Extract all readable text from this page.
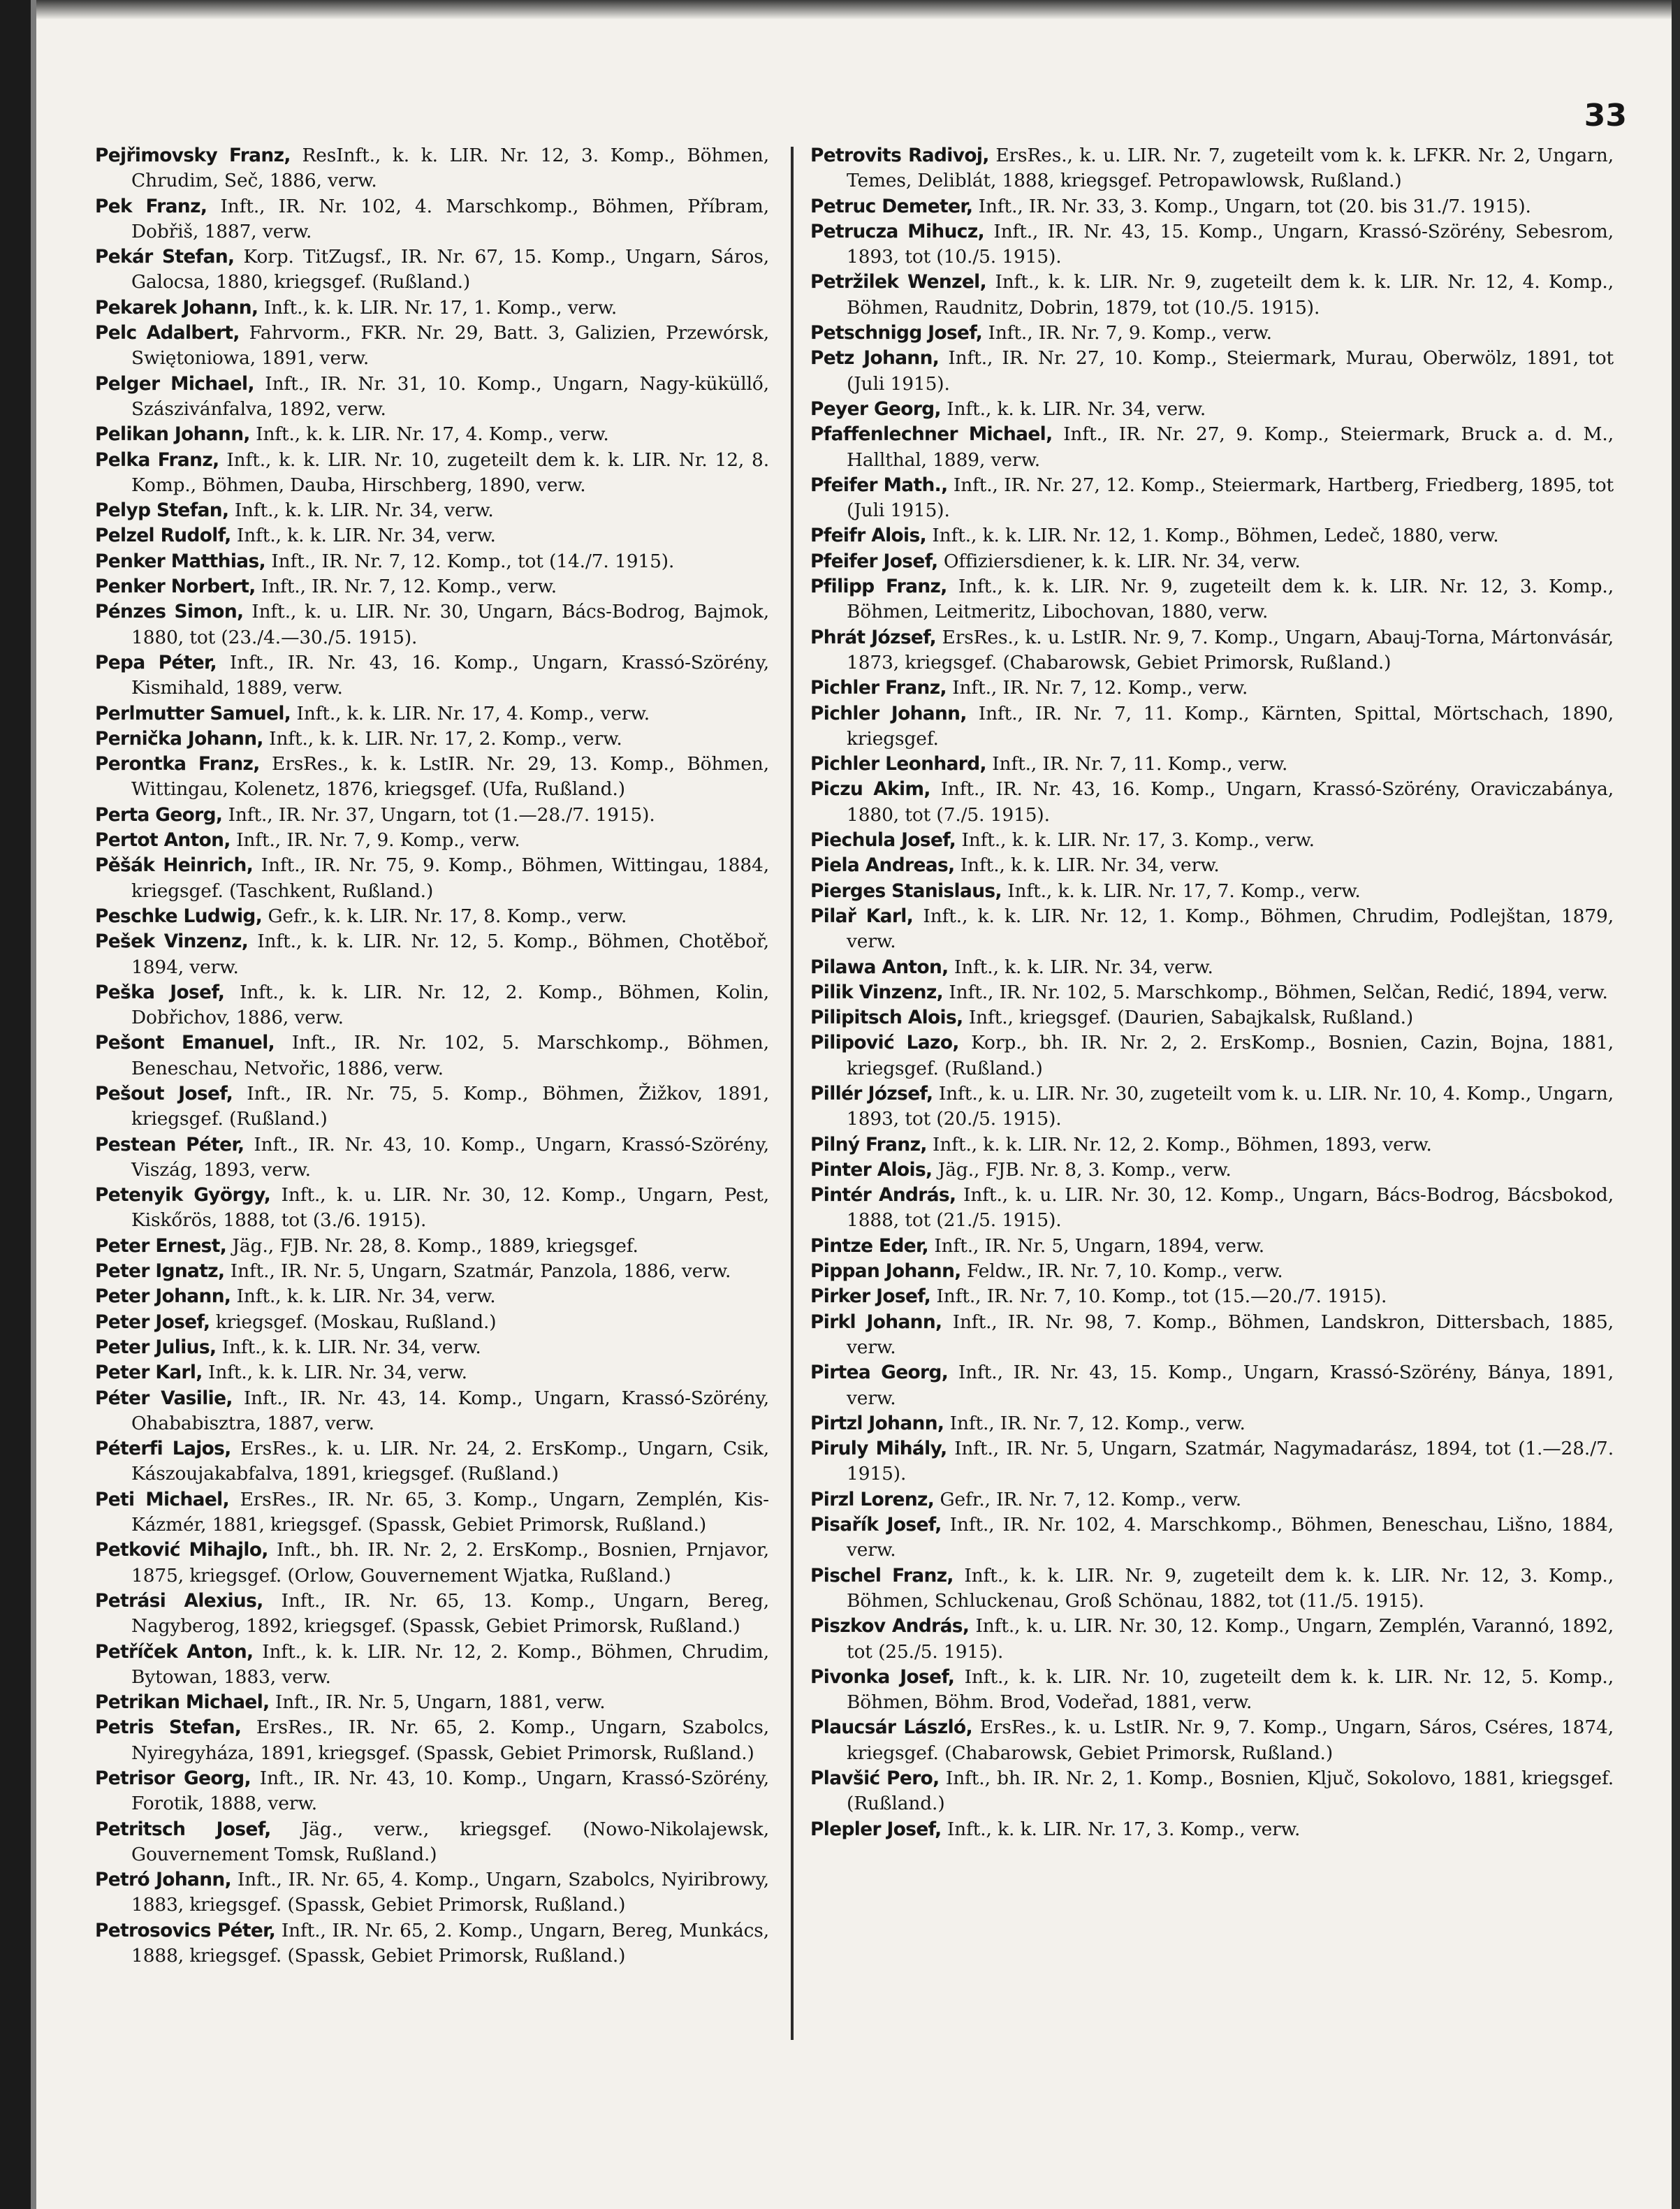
33

Pejřimovsky Franz, ResInft., k. k. LIR. Nr. 12, 3. Komp., Böhmen, Chrudim, Seč, 1886, verw.

Pek Franz, Inft., IR. Nr. 102, 4. Marschkomp., Böhmen, Příbram, Dobřiš, 1887, verw.

Pekár Stefan, Korp. TitZugsf., IR. Nr. 67, 15. Komp., Ungarn, Sáros, Galocsa, 1880, kriegsgef. (Rußland.)

Pekarek Johann, Inft., k. k. LIR. Nr. 17, 1. Komp., verw.

Pelc Adalbert, Fahrvorm., FKR. Nr. 29, Batt. 3, Galizien, Przewórsk, Swiętoniowa, 1891, verw.

Pelger Michael, Inft., IR. Nr. 31, 10. Komp., Ungarn, Nagy-küküllő, Szászivánfalva, 1892, verw.

Pelikan Johann, Inft., k. k. LIR. Nr. 17, 4. Komp., verw.

Pelka Franz, Inft., k. k. LIR. Nr. 10, zugeteilt dem k. k. LIR. Nr. 12, 8. Komp., Böhmen, Dauba, Hirschberg, 1890, verw.

Pelyp Stefan, Inft., k. k. LIR. Nr. 34, verw.

Pelzel Rudolf, Inft., k. k. LIR. Nr. 34, verw.

Penker Matthias, Inft., IR. Nr. 7, 12. Komp., tot (14./7. 1915).

Penker Norbert, Inft., IR. Nr. 7, 12. Komp., verw.

Pénzes Simon, Inft., k. u. LIR. Nr. 30, Ungarn, Bács-Bodrog, Bajmok, 1880, tot (23./4.—30./5. 1915).

Pepa Péter, Inft., IR. Nr. 43, 16. Komp., Ungarn, Krassó-Szörény, Kismihald, 1889, verw.

Perlmutter Samuel, Inft., k. k. LIR. Nr. 17, 4. Komp., verw.

Pernička Johann, Inft., k. k. LIR. Nr. 17, 2. Komp., verw.

Perontka Franz, ErsRes., k. k. LstIR. Nr. 29, 13. Komp., Böhmen, Wittingau, Kolenetz, 1876, kriegsgef. (Ufa, Rußland.)

Perta Georg, Inft., IR. Nr. 37, Ungarn, tot (1.—28./7. 1915).

Pertot Anton, Inft., IR. Nr. 7, 9. Komp., verw.

Pěšák Heinrich, Inft., IR. Nr. 75, 9. Komp., Böhmen, Wittingau, 1884, kriegsgef. (Taschkent, Rußland.)

Peschke Ludwig, Gefr., k. k. LIR. Nr. 17, 8. Komp., verw.

Pešek Vinzenz, Inft., k. k. LIR. Nr. 12, 5. Komp., Böhmen, Chotěboř, 1894, verw.

Peška Josef, Inft., k. k. LIR. Nr. 12, 2. Komp., Böhmen, Kolin, Dobřichov, 1886, verw.

Pešont Emanuel, Inft., IR. Nr. 102, 5. Marschkomp., Böhmen, Beneschau, Netvořic, 1886, verw.

Pešout Josef, Inft., IR. Nr. 75, 5. Komp., Böhmen, Žižkov, 1891, kriegsgef. (Rußland.)

Pestean Péter, Inft., IR. Nr. 43, 10. Komp., Ungarn, Krassó-Szörény, Viszág, 1893, verw.

Petenyik György, Inft., k. u. LIR. Nr. 30, 12. Komp., Ungarn, Pest, Kiskőrös, 1888, tot (3./6. 1915).

Peter Ernest, Jäg., FJB. Nr. 28, 8. Komp., 1889, kriegsgef.

Peter Ignatz, Inft., IR. Nr. 5, Ungarn, Szatmár, Panzola, 1886, verw.

Peter Johann, Inft., k. k. LIR. Nr. 34, verw.

Peter Josef, kriegsgef. (Moskau, Rußland.)

Peter Julius, Inft., k. k. LIR. Nr. 34, verw.

Peter Karl, Inft., k. k. LIR. Nr. 34, verw.

Péter Vasilie, Inft., IR. Nr. 43, 14. Komp., Ungarn, Krassó-Szörény, Ohababisztra, 1887, verw.

Péterfi Lajos, ErsRes., k. u. LIR. Nr. 24, 2. ErsKomp., Ungarn, Csik, Kászoujakabfalva, 1891, kriegsgef. (Rußland.)

Peti Michael, ErsRes., IR. Nr. 65, 3. Komp., Ungarn, Zemplén, Kis-Kázmér, 1881, kriegsgef. (Spassk, Gebiet Primorsk, Rußland.)

Petković Mihajlo, Inft., bh. IR. Nr. 2, 2. ErsKomp., Bosnien, Prnjavor, 1875, kriegsgef. (Orlow, Gouvernement Wjatka, Rußland.)

Petrási Alexius, Inft., IR. Nr. 65, 13. Komp., Ungarn, Bereg, Nagyberog, 1892, kriegsgef. (Spassk, Gebiet Primorsk, Rußland.)

Petříček Anton, Inft., k. k. LIR. Nr. 12, 2. Komp., Böhmen, Chrudim, Bytowan, 1883, verw.

Petrikan Michael, Inft., IR. Nr. 5, Ungarn, 1881, verw.

Petris Stefan, ErsRes., IR. Nr. 65, 2. Komp., Ungarn, Szabolcs, Nyiregyháza, 1891, kriegsgef. (Spassk, Gebiet Primorsk, Rußland.)

Petrisor Georg, Inft., IR. Nr. 43, 10. Komp., Ungarn, Krassó-Szörény, Forotik, 1888, verw.

Petritsch Josef, Jäg., verw., kriegsgef. (Nowo-Nikolajewsk, Gouvernement Tomsk, Rußland.)

Petró Johann, Inft., IR. Nr. 65, 4. Komp., Ungarn, Szabolcs, Nyiribrowy, 1883, kriegsgef. (Spassk, Gebiet Primorsk, Rußland.)

Petrosovics Péter, Inft., IR. Nr. 65, 2. Komp., Ungarn, Bereg, Munkács, 1888, kriegsgef. (Spassk, Gebiet Primorsk, Rußland.)

Petrovits Radivoj, ErsRes., k. u. LIR. Nr. 7, zugeteilt vom k. k. LFKR. Nr. 2, Ungarn, Temes, Deliblát, 1888, kriegsgef. Petropawlowsk, Rußland.)

Petruc Demeter, Inft., IR. Nr. 33, 3. Komp., Ungarn, tot (20. bis 31./7. 1915).

Petrucza Mihucz, Inft., IR. Nr. 43, 15. Komp., Ungarn, Krassó-Szörény, Sebesrom, 1893, tot (10./5. 1915).

Petržilek Wenzel, Inft., k. k. LIR. Nr. 9, zugeteilt dem k. k. LIR. Nr. 12, 4. Komp., Böhmen, Raudnitz, Dobrin, 1879, tot (10./5. 1915).

Petschnigg Josef, Inft., IR. Nr. 7, 9. Komp., verw.

Petz Johann, Inft., IR. Nr. 27, 10. Komp., Steiermark, Murau, Oberwölz, 1891, tot (Juli 1915).

Peyer Georg, Inft., k. k. LIR. Nr. 34, verw.

Pfaffenlechner Michael, Inft., IR. Nr. 27, 9. Komp., Steiermark, Bruck a. d. M., Hallthal, 1889, verw.

Pfeifer Math., Inft., IR. Nr. 27, 12. Komp., Steiermark, Hartberg, Friedberg, 1895, tot (Juli 1915).

Pfeifr Alois, Inft., k. k. LIR. Nr. 12, 1. Komp., Böhmen, Ledeč, 1880, verw.

Pfeifer Josef, Offiziersdiener, k. k. LIR. Nr. 34, verw.

Pfilipp Franz, Inft., k. k. LIR. Nr. 9, zugeteilt dem k. k. LIR. Nr. 12, 3. Komp., Böhmen, Leitmeritz, Libochovan, 1880, verw.

Phrát József, ErsRes., k. u. LstIR. Nr. 9, 7. Komp., Ungarn, Abauj-Torna, Mártonvásár, 1873, kriegsgef. (Chabarowsk, Gebiet Primorsk, Rußland.)

Pichler Franz, Inft., IR. Nr. 7, 12. Komp., verw.

Pichler Johann, Inft., IR. Nr. 7, 11. Komp., Kärnten, Spittal, Mörtschach, 1890, kriegsgef.

Pichler Leonhard, Inft., IR. Nr. 7, 11. Komp., verw.

Piczu Akim, Inft., IR. Nr. 43, 16. Komp., Ungarn, Krassó-Szörény, Oraviczabánya, 1880, tot (7./5. 1915).

Piechula Josef, Inft., k. k. LIR. Nr. 17, 3. Komp., verw.

Piela Andreas, Inft., k. k. LIR. Nr. 34, verw.

Pierges Stanislaus, Inft., k. k. LIR. Nr. 17, 7. Komp., verw.

Pilař Karl, Inft., k. k. LIR. Nr. 12, 1. Komp., Böhmen, Chrudim, Podlejštan, 1879, verw.

Pilawa Anton, Inft., k. k. LIR. Nr. 34, verw.

Pilik Vinzenz, Inft., IR. Nr. 102, 5. Marschkomp., Böhmen, Selčan, Redić, 1894, verw.

Pilipitsch Alois, Inft., kriegsgef. (Daurien, Sabajkalsk, Rußland.)

Pilipović Lazo, Korp., bh. IR. Nr. 2, 2. ErsKomp., Bosnien, Cazin, Bojna, 1881, kriegsgef. (Rußland.)

Pillér József, Inft., k. u. LIR. Nr. 30, zugeteilt vom k. u. LIR. Nr. 10, 4. Komp., Ungarn, 1893, tot (20./5. 1915).

Pilný Franz, Inft., k. k. LIR. Nr. 12, 2. Komp., Böhmen, 1893, verw.

Pinter Alois, Jäg., FJB. Nr. 8, 3. Komp., verw.

Pintér András, Inft., k. u. LIR. Nr. 30, 12. Komp., Ungarn, Bács-Bodrog, Bácsbokod, 1888, tot (21./5. 1915).

Pintze Eder, Inft., IR. Nr. 5, Ungarn, 1894, verw.

Pippan Johann, Feldw., IR. Nr. 7, 10. Komp., verw.

Pirker Josef, Inft., IR. Nr. 7, 10. Komp., tot (15.—20./7. 1915).

Pirkl Johann, Inft., IR. Nr. 98, 7. Komp., Böhmen, Landskron, Dittersbach, 1885, verw.

Pirtea Georg, Inft., IR. Nr. 43, 15. Komp., Ungarn, Krassó-Szörény, Bánya, 1891, verw.

Pirtzl Johann, Inft., IR. Nr. 7, 12. Komp., verw.

Piruly Mihály, Inft., IR. Nr. 5, Ungarn, Szatmár, Nagymadarász, 1894, tot (1.—28./7. 1915).

Pirzl Lorenz, Gefr., IR. Nr. 7, 12. Komp., verw.

Pisařík Josef, Inft., IR. Nr. 102, 4. Marschkomp., Böhmen, Beneschau, Lišno, 1884, verw.

Pischel Franz, Inft., k. k. LIR. Nr. 9, zugeteilt dem k. k. LIR. Nr. 12, 3. Komp., Böhmen, Schluckenau, Groß Schönau, 1882, tot (11./5. 1915).

Piszkov András, Inft., k. u. LIR. Nr. 30, 12. Komp., Ungarn, Zemplén, Varannó, 1892, tot (25./5. 1915).

Pivonka Josef, Inft., k. k. LIR. Nr. 10, zugeteilt dem k. k. LIR. Nr. 12, 5. Komp., Böhmen, Böhm. Brod, Vodeřad, 1881, verw.

Plaucsár László, ErsRes., k. u. LstIR. Nr. 9, 7. Komp., Ungarn, Sáros, Cséres, 1874, kriegsgef. (Chabarowsk, Gebiet Primorsk, Rußland.)

Plavšić Pero, Inft., bh. IR. Nr. 2, 1. Komp., Bosnien, Ključ, Sokolovo, 1881, kriegsgef. (Rußland.)

Plepler Josef, Inft., k. k. LIR. Nr. 17, 3. Komp., verw.
